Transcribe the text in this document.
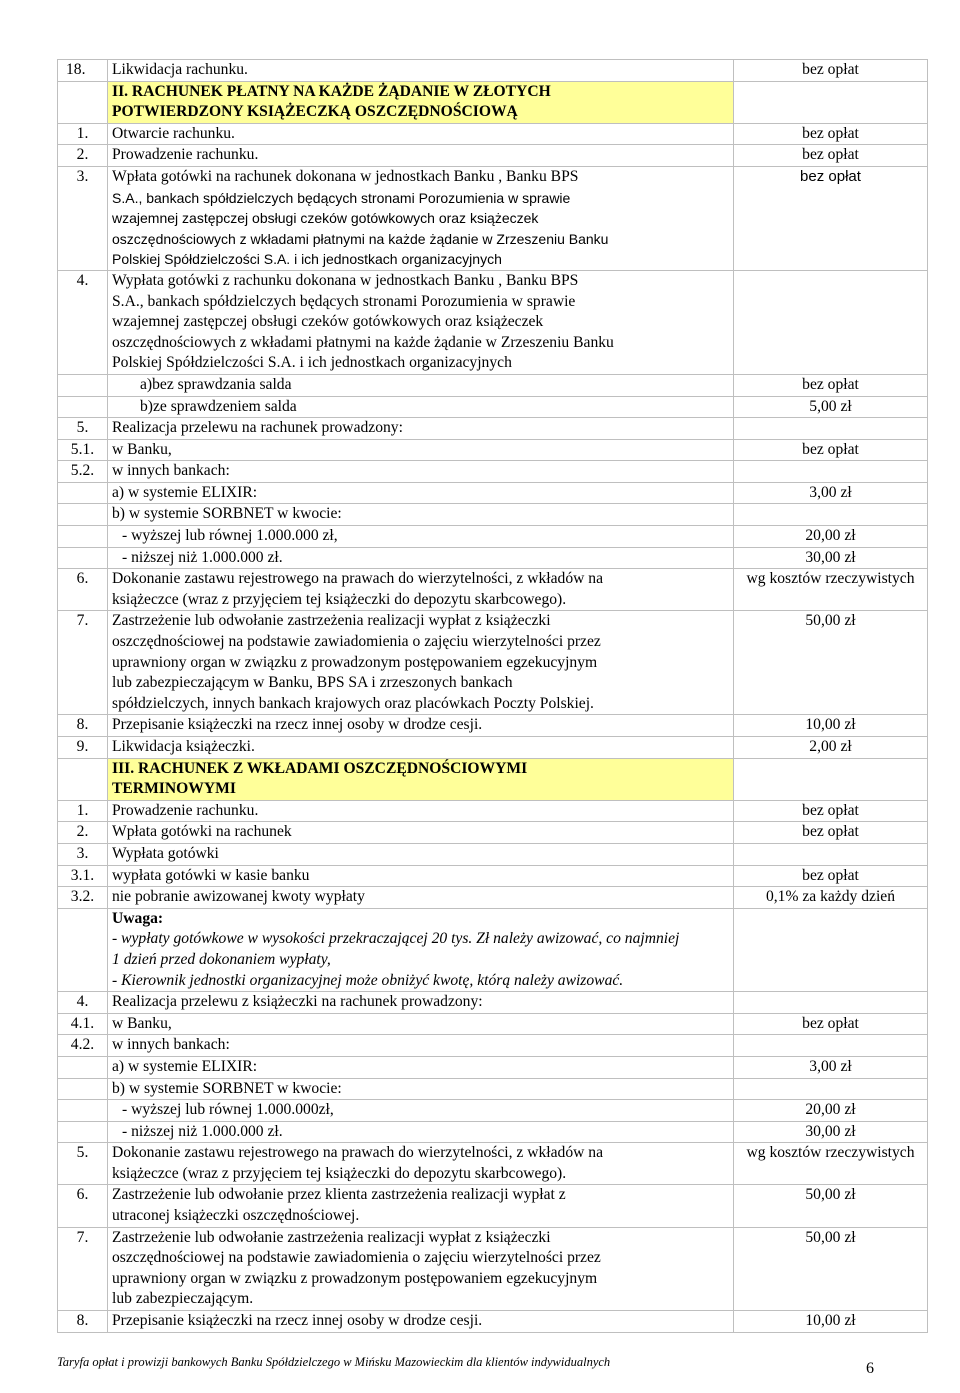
18.	Likwidacja rachunku.	bez opłat

	II. RACHUNEK PŁATNY NA KAŻDE ŻĄDANIE W ZŁOTYCH
POTWIERDZONY KSIĄŻECZKĄ OSZCZĘDNOŚCIOWĄ	

1.	Otwarcie rachunku.	bez opłat
2.	Prowadzenie rachunku.	bez opłat
3.	Wpłata gotówki na rachunek dokonana w jednostkach Banku , Banku BPS
S.A., bankach spółdzielczych będących stronami Porozumienia w sprawie
wzajemnej zastępczej obsługi czeków gotówkowych oraz książeczek
oszczędnościowych z wkładami płatnymi na każde żądanie w Zrzeszeniu Banku
Polskiej Spółdzielczości S.A. i ich jednostkach organizacyjnych	bez opłat
4.	Wypłata gotówki z rachunku dokonana w jednostkach Banku , Banku BPS
S.A., bankach spółdzielczych będących stronami Porozumienia w sprawie
wzajemnej zastępczej obsługi czeków gotówkowych oraz książeczek
oszczędnościowych z wkładami płatnymi na każde żądanie w Zrzeszeniu Banku
Polskiej Spółdzielczości S.A. i ich jednostkach organizacyjnych	

	a)bez sprawdzania salda	bez opłat

	b)ze sprawdzeniem salda	5,00 zł
5.	Realizacja przelewu na rachunek prowadzony:	
5.1.	w Banku,	bez opłat
5.2.	w innych bankach:	
	a) w systemie ELIXIR:	3,00 zł
	b) w systemie SORBNET w kwocie:	

	- wyższej lub równej 1.000.000 zł,	20,00 zł

	- niższej niż 1.000.000 zł.	30,00 zł
6.	Dokonanie zastawu rejestrowego na prawach do wierzytelności, z wkładów na
książeczce (wraz z przyjęciem tej książeczki do depozytu skarbcowego).	wg kosztów rzeczywistych
7.	Zastrzeżenie lub odwołanie zastrzeżenia realizacji wypłat z książeczki
oszczędnościowej na podstawie zawiadomienia o zajęciu wierzytelności przez
uprawniony organ w związku z prowadzonym postępowaniem egzekucyjnym
lub zabezpieczającym w Banku, BPS SA i zrzeszonych bankach
spółdzielczych, innych bankach krajowych oraz placówkach Poczty Polskiej.	50,00 zł
8.	Przepisanie książeczki na rzecz innej osoby w drodze cesji.	10,00 zł
9.	Likwidacja książeczki.	2,00 zł

	III. RACHUNEK Z WKŁADAMI OSZCZĘDNOŚCIOWYMI
TERMINOWYMI	

1.	Prowadzenie rachunku.	bez opłat
2.	Wpłata gotówki na rachunek	bez opłat
3.	Wypłata gotówki	
3.1.	wypłata gotówki w kasie banku	bez opłat
3.2.	nie pobranie awizowanej kwoty wypłaty	0,1% za każdy dzień

	Uwaga:
- wypłaty gotówkowe w wysokości przekraczającej 20 tys. Zł należy awizować, co najmniej
1 dzień przed dokonaniem wypłaty,
- Kierownik jednostki organizacyjnej może obniżyć kwotę, którą należy awizować.	

4.	Realizacja przelewu z książeczki na rachunek prowadzony:	
4.1.	w Banku,	bez opłat
4.2.	w innych bankach:	
	a) w systemie ELIXIR:	3,00 zł
	b) w systemie SORBNET w kwocie:	

	- wyższej lub równej 1.000.000zł,	20,00 zł

	- niższej niż 1.000.000 zł.	30,00 zł
5.	Dokonanie zastawu rejestrowego na prawach do wierzytelności, z wkładów na
książeczce (wraz z przyjęciem tej książeczki do depozytu skarbcowego).	wg kosztów rzeczywistych
6.	Zastrzeżenie lub odwołanie przez klienta zastrzeżenia realizacji wypłat z
utraconej książeczki oszczędnościowej.	50,00 zł
7.	Zastrzeżenie lub odwołanie zastrzeżenia realizacji wypłat z książeczki
oszczędnościowej na podstawie zawiadomienia o zajęciu wierzytelności przez
uprawniony organ w związku z prowadzonym postępowaniem egzekucyjnym
lub zabezpieczającym.	50,00 zł
8.	Przepisanie książeczki na rzecz innej osoby w drodze cesji.	10,00 zł
Taryfa opłat i prowizji bankowych Banku Spółdzielczego w Mińsku Mazowieckim dla klientów indywidualnych	6
